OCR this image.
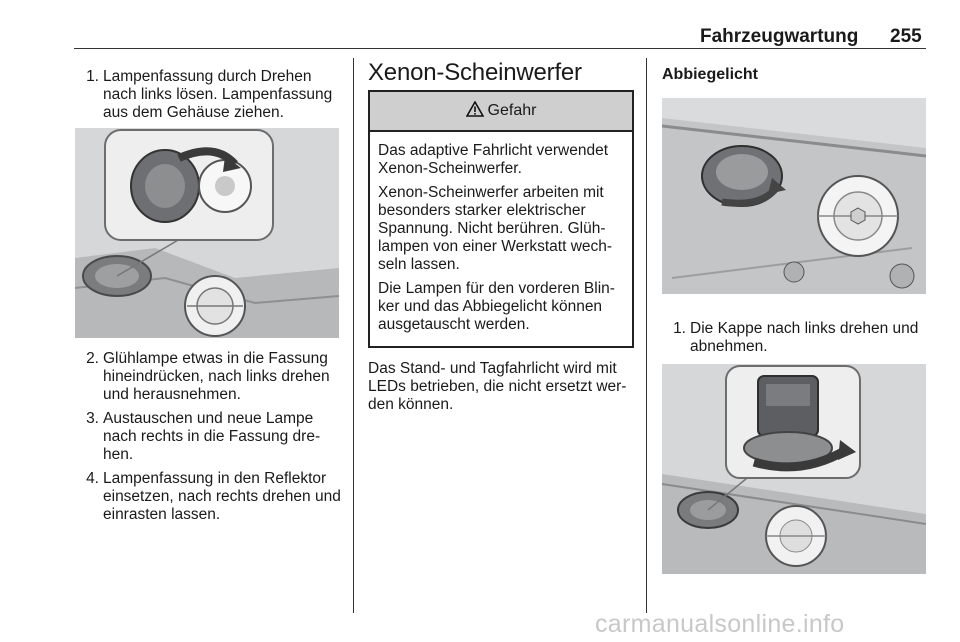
Fahrzeugwartung 255
1. Lampenfassung durch Drehen nach links lösen. Lampenfassung aus dem Gehäuse ziehen.
2. Glühlampe etwas in die Fassung hineindrücken, nach links drehen und herausnehmen.
3. Austauschen und neue Lampe nach rechts in die Fassung dre-hen.
4. Lampenfassung in den Reflektor einsetzen, nach rechts drehen und einrasten lassen.
Xenon-Scheinwerfer
Gefahr

Das adaptive Fahrlicht verwendet Xenon-Scheinwerfer.

Xenon-Scheinwerfer arbeiten mit besonders starker elektrischer Spannung. Nicht berühren. Glüh-lampen von einer Werkstatt wech-seln lassen.

Die Lampen für den vorderen Blin-ker und das Abbiegelicht können ausgetauscht werden.

Das Stand- und Tagfahrlicht wird mit LEDs betrieben, die nicht ersetzt wer-den können.

Abbiegelicht
1. Die Kappe nach links drehen und abnehmen.
carmanualsonline.info
